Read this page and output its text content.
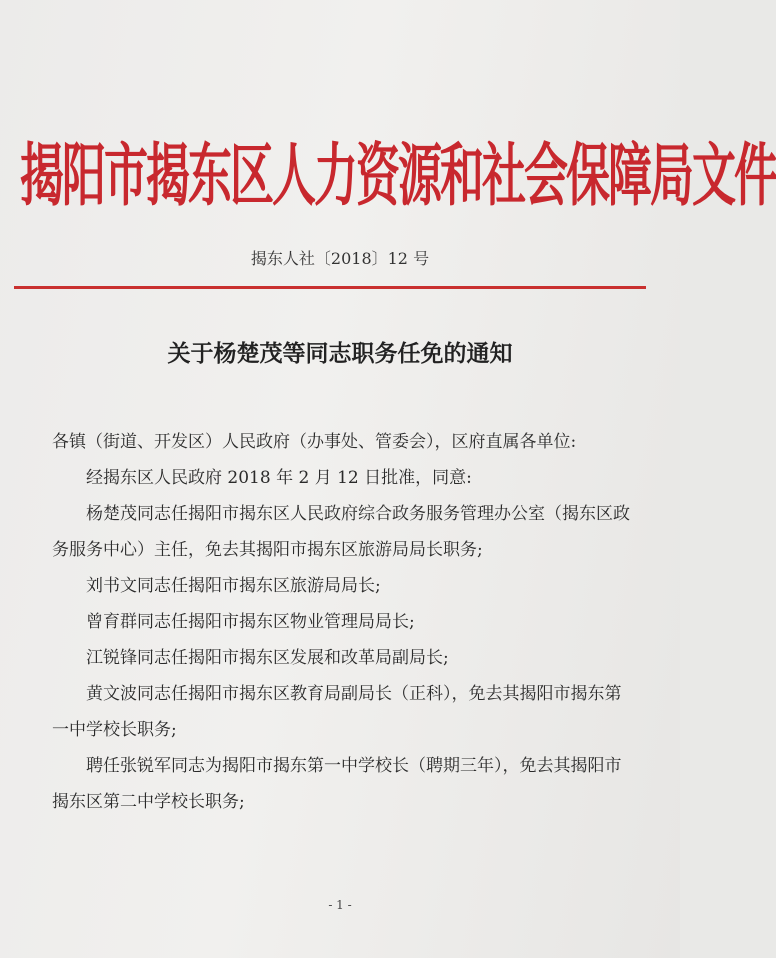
揭阳市揭东区人力资源和社会保障局文件
揭东人社〔2018〕12 号
关于杨楚茂等同志职务任免的通知

各镇（街道、开发区）人民政府（办事处、管委会），区府直属各单位:

经揭东区人民政府 2018 年 2 月 12 日批准，同意:

杨楚茂同志任揭阳市揭东区人民政府综合政务服务管理办公室（揭东区政务服务中心）主任，免去其揭阳市揭东区旅游局局长职务;

刘书文同志任揭阳市揭东区旅游局局长;

曾育群同志任揭阳市揭东区物业管理局局长;

江锐锋同志任揭阳市揭东区发展和改革局副局长;

黄文波同志任揭阳市揭东区教育局副局长（正科），免去其揭阳市揭东第一中学校长职务;

聘任张锐军同志为揭阳市揭东第一中学校长（聘期三年），免去其揭阳市揭东区第二中学校长职务;

- 1 -
